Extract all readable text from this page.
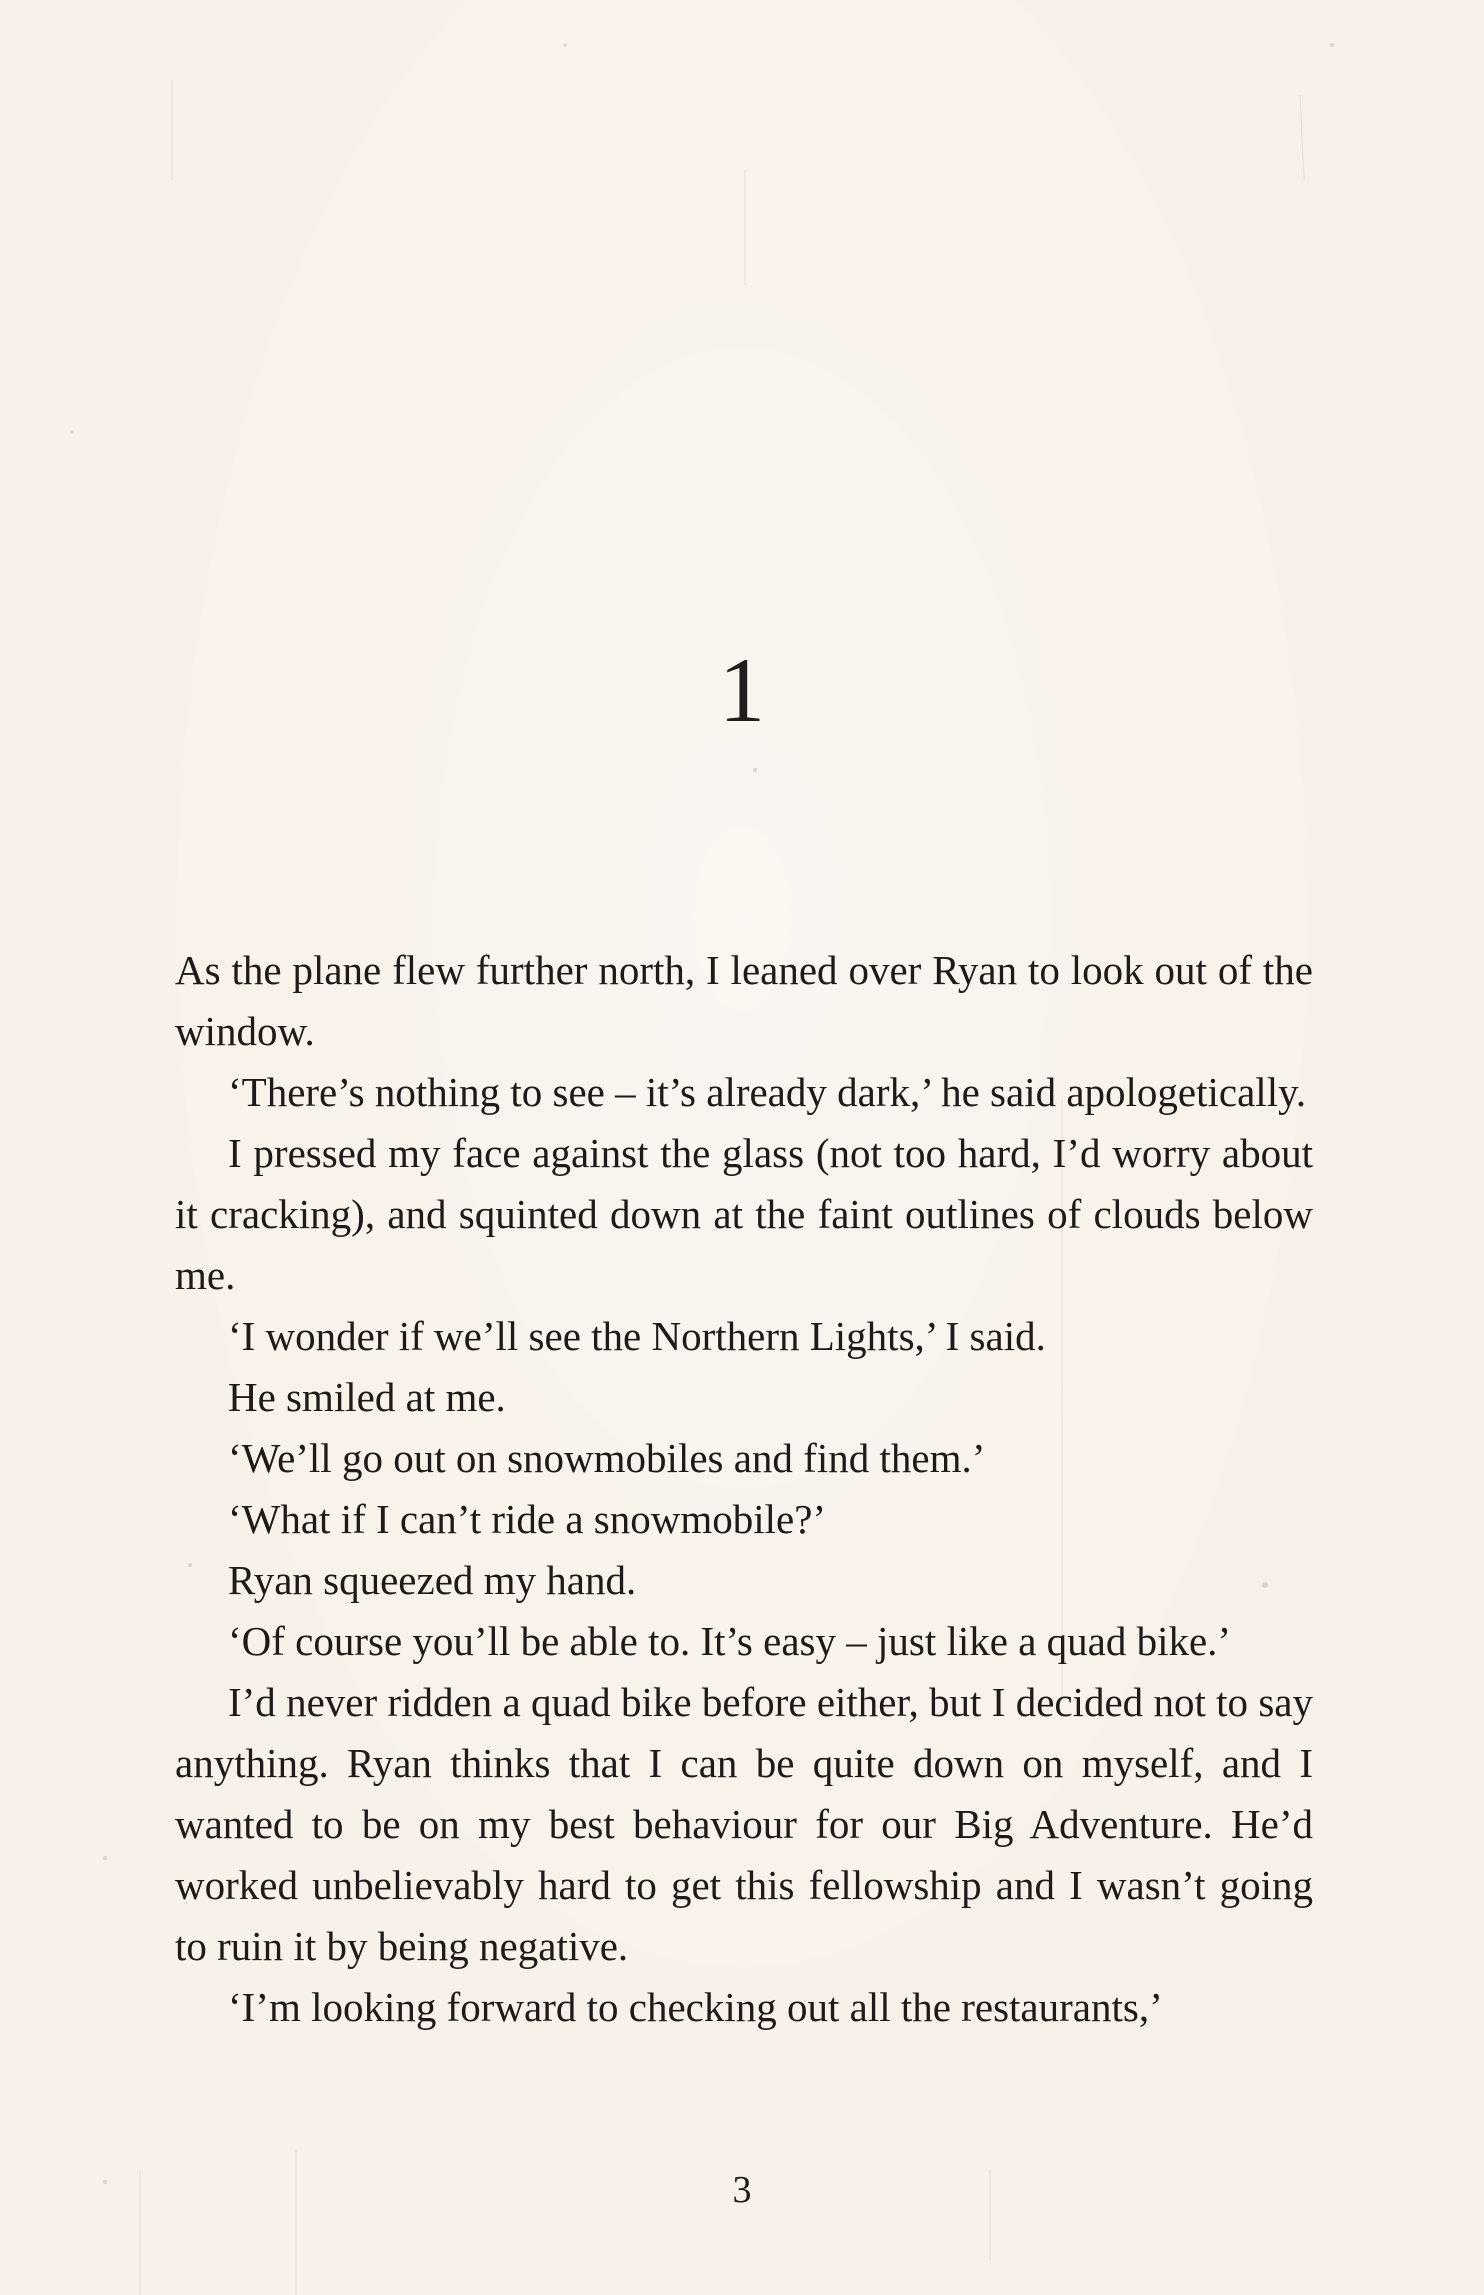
1

As the plane flew further north, I leaned over Ryan to look out of the window.

‘There’s nothing to see – it’s already dark,’ he said apologetically.

I pressed my face against the glass (not too hard, I’d worry about it cracking), and squinted down at the faint outlines of clouds below me.

‘I wonder if we’ll see the Northern Lights,’ I said.

He smiled at me.

‘We’ll go out on snowmobiles and find them.’

‘What if I can’t ride a snowmobile?’

Ryan squeezed my hand.

‘Of course you’ll be able to. It’s easy – just like a quad bike.’

I’d never ridden a quad bike before either, but I decided not to say anything. Ryan thinks that I can be quite down on myself, and I wanted to be on my best behaviour for our Big Adventure. He’d worked unbelievably hard to get this fellowship and I wasn’t going to ruin it by being negative.

‘I’m looking forward to checking out all the restaurants,’

3
